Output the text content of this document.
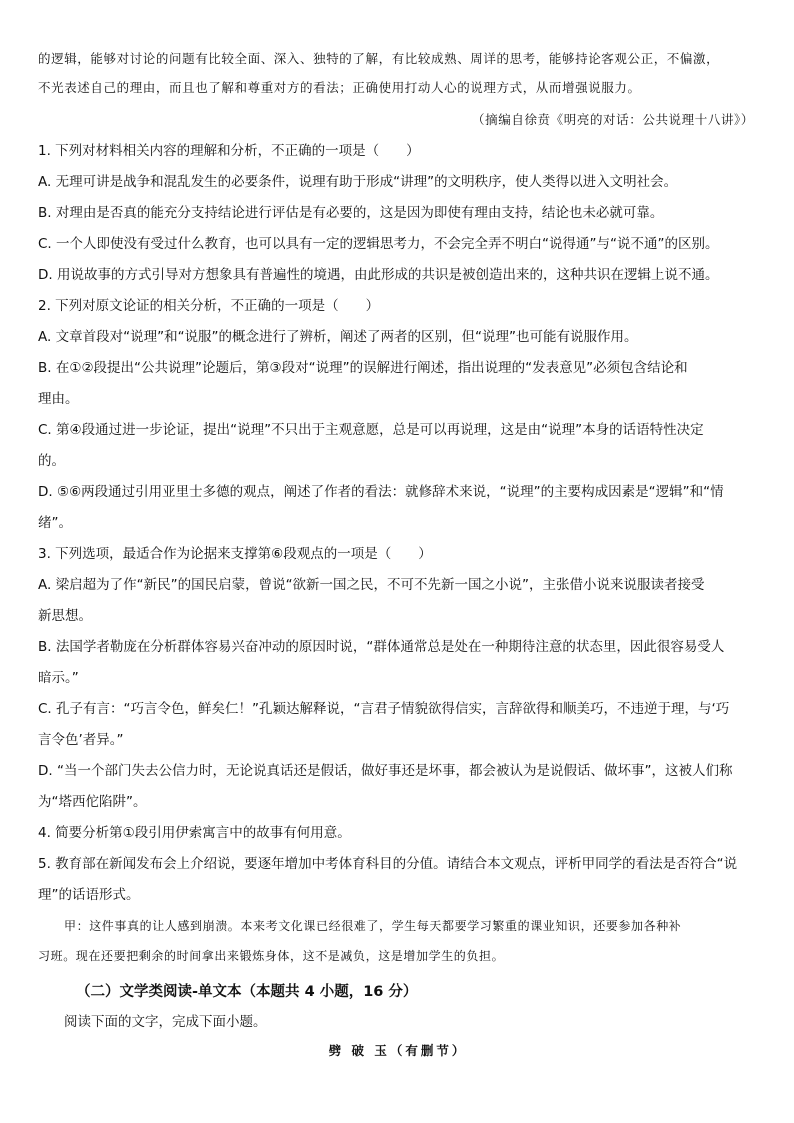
的逻辑，能够对讨论的问题有比较全面、深入、独特的了解，有比较成熟、周详的思考，能够持论客观公正，不偏激，

不光表述自己的理由，而且也了解和尊重对方的看法；正确使用打动人心的说理方式，从而增强说服力。

（摘编自徐贲《明亮的对话：公共说理十八讲》）

1. 下列对材料相关内容的理解和分析，不正确的一项是（　　）

A. 无理可讲是战争和混乱发生的必要条件，说理有助于形成“讲理”的文明秩序，使人类得以进入文明社会。

B. 对理由是否真的能充分支持结论进行评估是有必要的，这是因为即使有理由支持，结论也未必就可靠。

C. 一个人即使没有受过什么教育，也可以具有一定的逻辑思考力，不会完全弄不明白“说得通”与“说不通”的区别。

D. 用说故事的方式引导对方想象具有普遍性的境遇，由此形成的共识是被创造出来的，这种共识在逻辑上说不通。

2. 下列对原文论证的相关分析，不正确的一项是（　　）

A. 文章首段对“说理”和“说服”的概念进行了辨析，阐述了两者的区别，但“说理”也可能有说服作用。

B. 在①②段提出“公共说理”论题后，第③段对“说理”的误解进行阐述，指出说理的“发表意见”必须包含结论和

理由。

C. 第④段通过进一步论证，提出“说理”不只出于主观意愿，总是可以再说理，这是由“说理”本身的话语特性决定

的。

D. ⑤⑥两段通过引用亚里士多德的观点，阐述了作者的看法：就修辞术来说，“说理”的主要构成因素是“逻辑”和“情

绪”。

3. 下列选项，最适合作为论据来支撑第⑥段观点的一项是（　　）

A. 梁启超为了作“新民”的国民启蒙，曾说“欲新一国之民，不可不先新一国之小说”，主张借小说来说服读者接受

新思想。

B. 法国学者勒庞在分析群体容易兴奋冲动的原因时说，“群体通常总是处在一种期待注意的状态里，因此很容易受人

暗示。”

C. 孔子有言：“巧言令色，鲜矣仁！”孔颖达解释说，“言君子情貌欲得信实，言辞欲得和顺美巧，不违逆于理，与‘巧

言令色’者异。”

D. “当一个部门失去公信力时，无论说真话还是假话，做好事还是坏事，都会被认为是说假话、做坏事”，这被人们称

为“塔西佗陷阱”。

4. 简要分析第①段引用伊索寓言中的故事有何用意。

5. 教育部在新闻发布会上介绍说，要逐年增加中考体育科目的分值。请结合本文观点，评析甲同学的看法是否符合“说

理”的话语形式。

甲：这件事真的让人感到崩溃。本来考文化课已经很难了，学生每天都要学习繁重的课业知识，还要参加各种补

习班。现在还要把剩余的时间拿出来锻炼身体，这不是减负，这是增加学生的负担。

（二）文学类阅读-单文本（本题共 4 小题，16 分）

阅读下面的文字，完成下面小题。

劈 破 玉（有删节）
